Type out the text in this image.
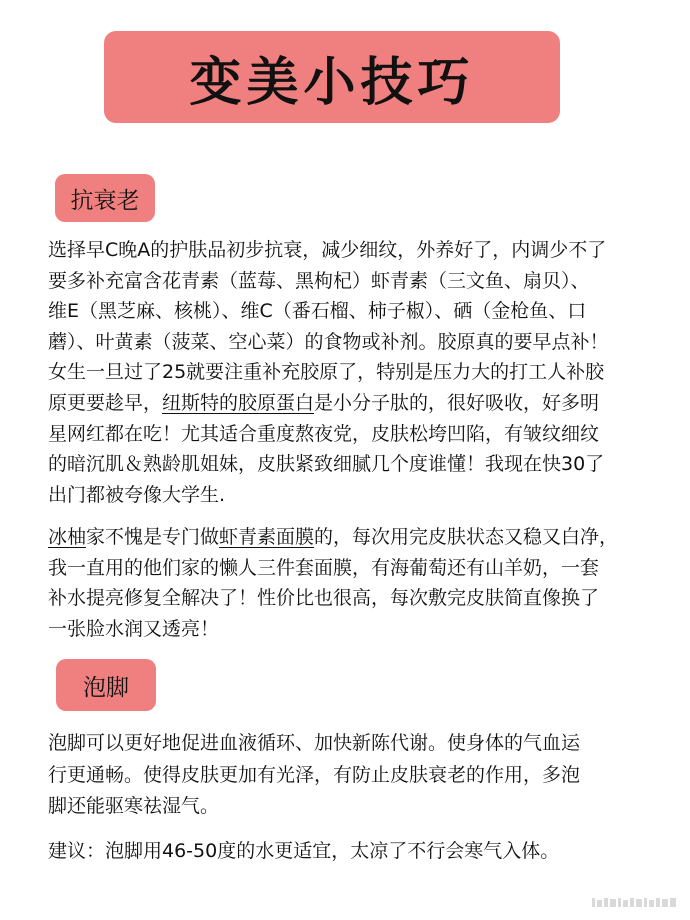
变美小技巧
抗衰老
选择早C晚A的护肤品初步抗衰，减少细纹，外养好了，内调少不了
要多补充富含花青素（蓝莓、黑枸杞）虾青素（三文鱼、扇贝）、
维E（黑芝麻、核桃）、维C（番石榴、柿子椒）、硒（金枪鱼、口
蘑）、叶黄素（菠菜、空心菜）的食物或补剂。胶原真的要早点补！
女生一旦过了25就要注重补充胶原了，特别是压力大的打工人补胶
原更要趁早，纽斯特的胶原蛋白是小分子肽的，很好吸收，好多明
星网红都在吃！尤其适合重度熬夜党，皮肤松垮凹陷，有皱纹细纹
的暗沉肌＆熟龄肌姐妹，皮肤紧致细腻几个度谁懂！我现在快30了
出门都被夸像大学生.
冰柚家不愧是专门做虾青素面膜的，每次用完皮肤状态又稳又白净，
我一直用的他们家的懒人三件套面膜，有海葡萄还有山羊奶，一套
补水提亮修复全解决了！性价比也很高，每次敷完皮肤简直像换了
一张脸水润又透亮！
泡脚
泡脚可以更好地促进血液循环、加快新陈代谢。使身体的气血运
行更通畅。使得皮肤更加有光泽，有防止皮肤衰老的作用，多泡
脚还能驱寒祛湿气。
建议：泡脚用46-50度的水更适宜，太凉了不行会寒气入体。
